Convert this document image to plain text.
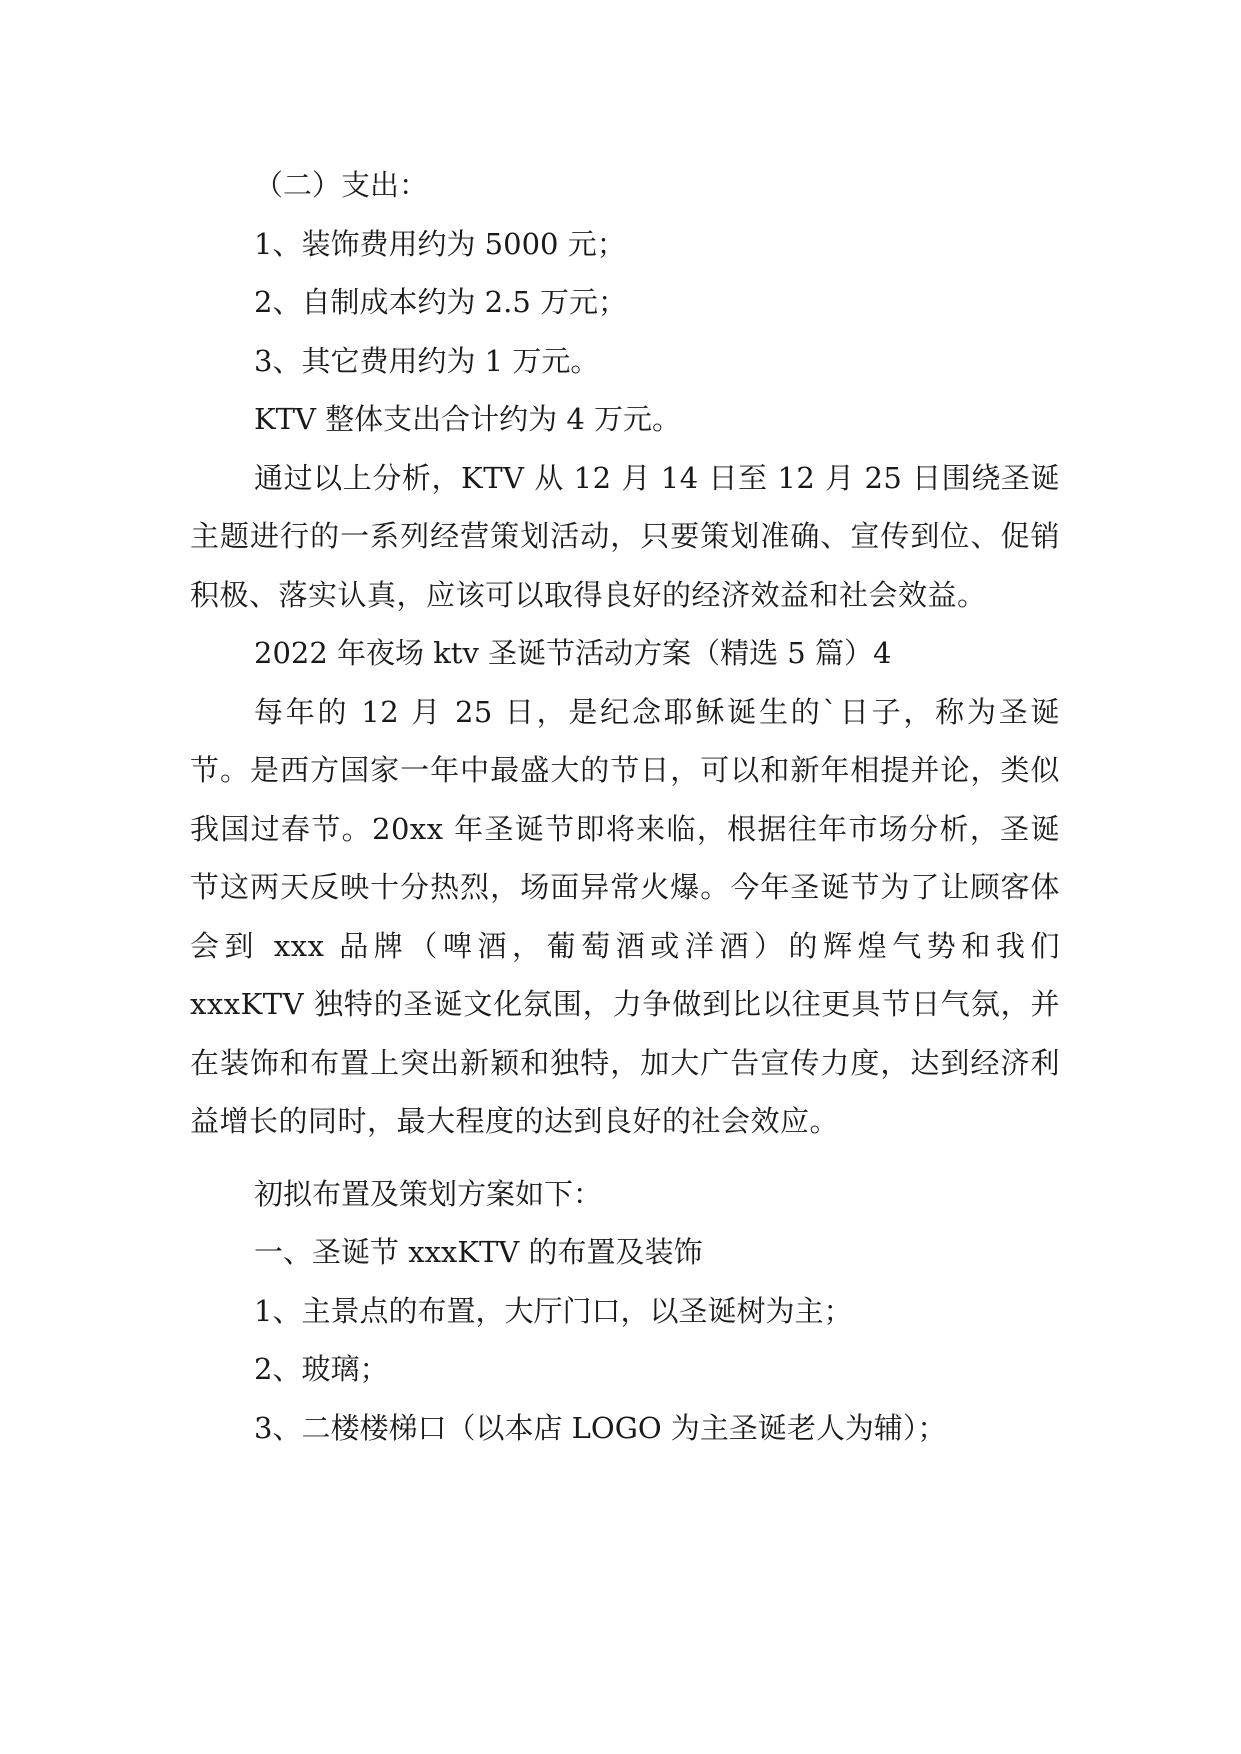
（二）支出：
1、装饰费用约为 5000 元；
2、自制成本约为 2.5 万元；
3、其它费用约为 1 万元。
KTV 整体支出合计约为 4 万元。

通过以上分析，KTV 从 12 月 14 日至 12 月 25 日围绕圣诞主题进行的一系列经营策划活动，只要策划准确、宣传到位、促销积极、落实认真，应该可以取得良好的经济效益和社会效益。

2022 年夜场 ktv 圣诞节活动方案（精选 5 篇）4

每年的 12 月 25 日，是纪念耶稣诞生的`日子，称为圣诞节。是西方国家一年中最盛大的节日，可以和新年相提并论，类似我国过春节。20xx 年圣诞节即将来临，根据往年市场分析，圣诞节这两天反映十分热烈，场面异常火爆。今年圣诞节为了让顾客体会到 xxx 品牌（啤酒，葡萄酒或洋酒）的辉煌气势和我们 xxxKTV 独特的圣诞文化氛围，力争做到比以往更具节日气氛，并在装饰和布置上突出新颖和独特，加大广告宣传力度，达到经济利益增长的同时，最大程度的达到良好的社会效应。

初拟布置及策划方案如下：
一、圣诞节 xxxKTV 的布置及装饰
1、主景点的布置，大厅门口，以圣诞树为主；
2、玻璃；
3、二楼楼梯口（以本店 LOGO 为主圣诞老人为辅）；
